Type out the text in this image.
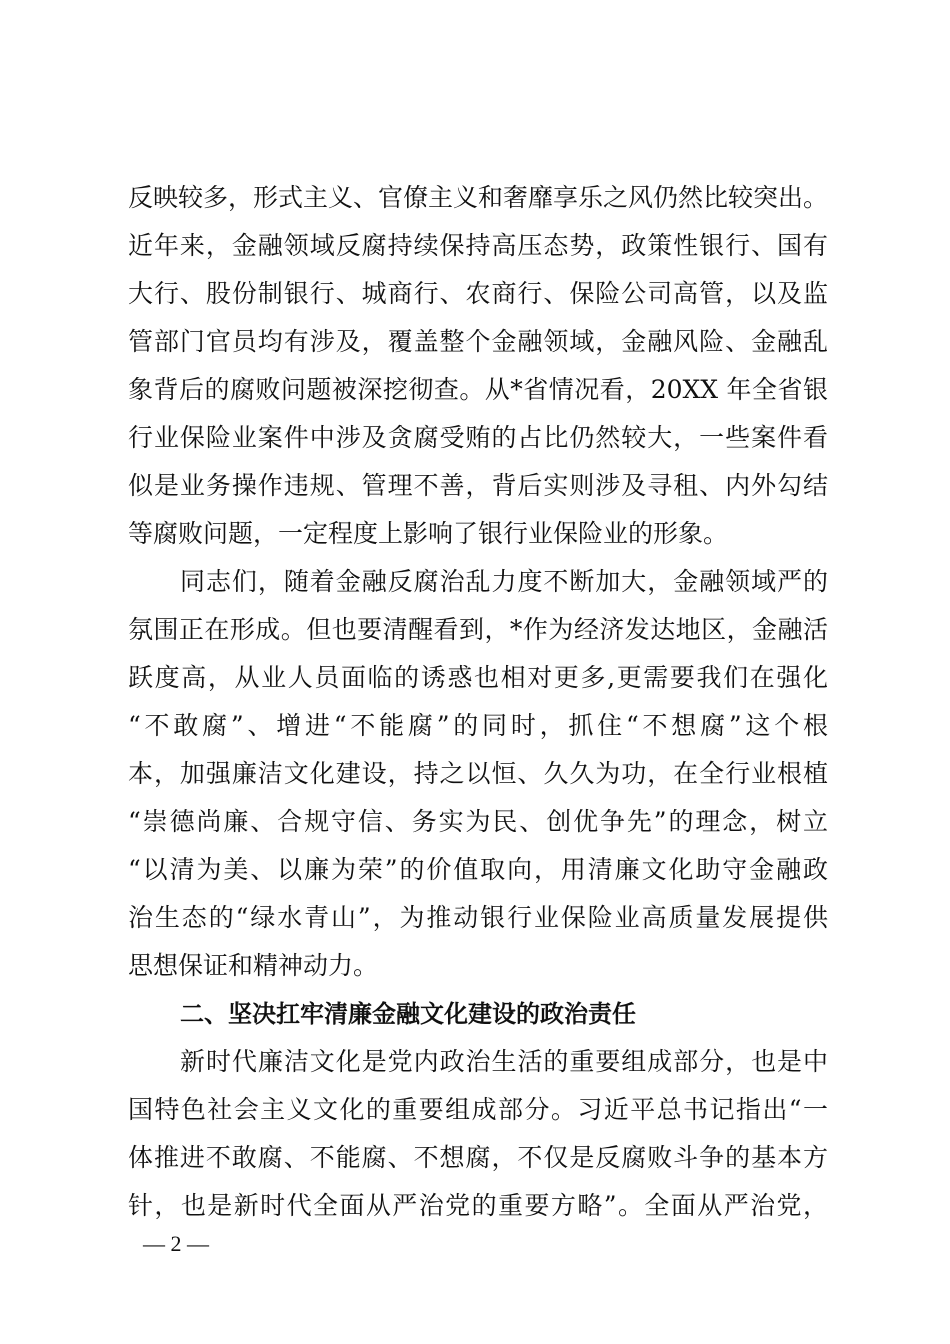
反映较多，形式主义、官僚主义和奢靡享乐之风仍然比较突出。
近年来，金融领域反腐持续保持高压态势，政策性银行、国有
大行、股份制银行、城商行、农商行、保险公司高管，以及监
管部门官员均有涉及，覆盖整个金融领域，金融风险、金融乱
象背后的腐败问题被深挖彻查。从*省情况看，20XX 年全省银
行业保险业案件中涉及贪腐受贿的占比仍然较大，一些案件看
似是业务操作违规、管理不善，背后实则涉及寻租、内外勾结
等腐败问题，一定程度上影响了银行业保险业的形象。
同志们，随着金融反腐治乱力度不断加大，金融领域严的
氛围正在形成。但也要清醒看到，*作为经济发达地区，金融活
跃度高，从业人员面临的诱惑也相对更多,更需要我们在强化
“不敢腐”、增进“不能腐”的同时，抓住“不想腐”这个根
本，加强廉洁文化建设，持之以恒、久久为功，在全行业根植
“崇德尚廉、合规守信、务实为民、创优争先”的理念，树立
“以清为美、以廉为荣”的价值取向，用清廉文化助守金融政
治生态的“绿水青山”，为推动银行业保险业高质量发展提供
思想保证和精神动力。
二、坚决扛牢清廉金融文化建设的政治责任
新时代廉洁文化是党内政治生活的重要组成部分，也是中
国特色社会主义文化的重要组成部分。习近平总书记指出“一
体推进不敢腐、不能腐、不想腐，不仅是反腐败斗争的基本方
针，也是新时代全面从严治党的重要方略”。全面从严治党，
— 2 —
